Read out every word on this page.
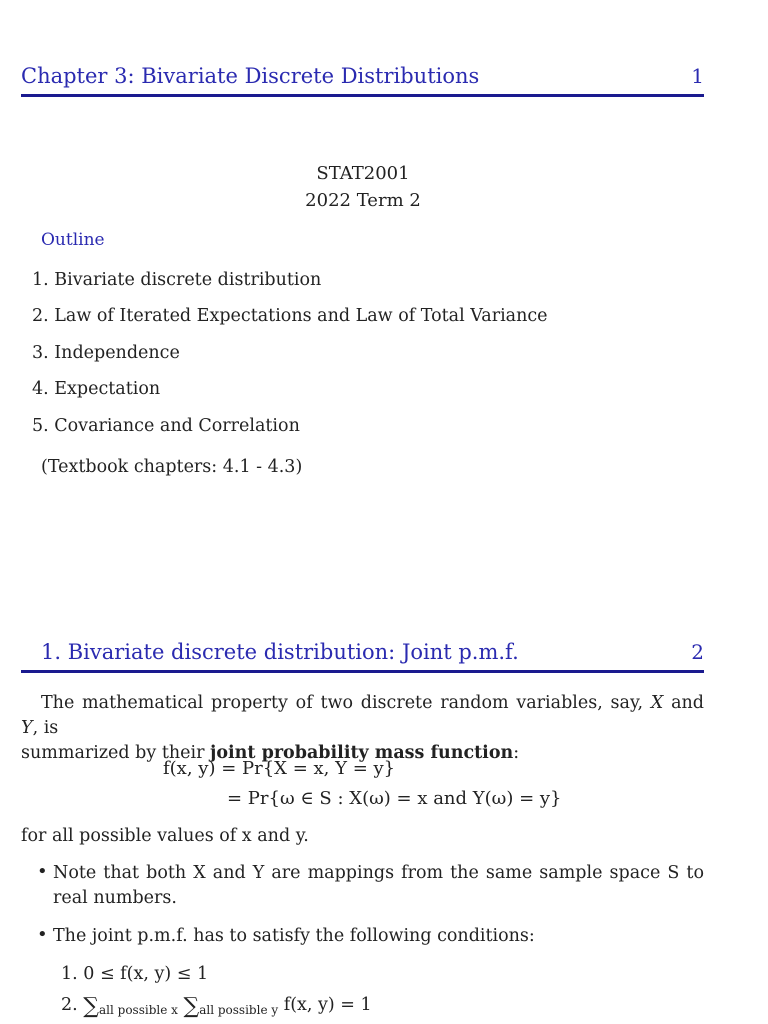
Chapter 3: Bivariate Discrete Distributions	1
STAT2001
2022 Term 2
Outline
1. Bivariate discrete distribution
2. Law of Iterated Expectations and Law of Total Variance
3. Independence
4. Expectation
5. Covariance and Correlation
(Textbook chapters: 4.1 - 4.3)
1. Bivariate discrete distribution: Joint p.m.f.	2
The mathematical property of two discrete random variables, say, X and Y, is
summarized by their joint probability mass function:
f(x, y) = Pr{X = x, Y = y}
= Pr{ω ∈ S : X(ω) = x and Y(ω) = y}
for all possible values of x and y.
• Note that both X and Y are mappings from the same sample space S to real numbers.
• The joint p.m.f. has to satisfy the following conditions:
1. 0 ≤ f(x, y) ≤ 1
2. $\sum_{all possible x}$ $\sum_{all possible y}$ f(x, y) = 1
